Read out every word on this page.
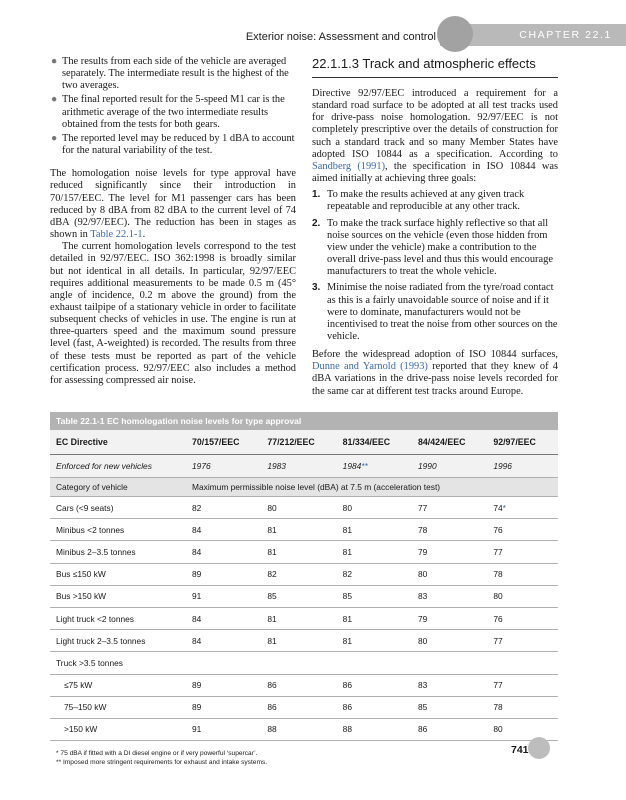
Exterior noise: Assessment and control	CHAPTER 22.1
● The results from each side of the vehicle are averaged separately. The intermediate result is the highest of the two averages.
● The final reported result for the 5-speed M1 car is the arithmetic average of the two intermediate results obtained from the tests for both gears.
● The reported level may be reduced by 1 dBA to account for the natural variability of the test.

The homologation noise levels for type approval have reduced significantly since their introduction in 70/157/EEC. The level for M1 passenger cars has been reduced by 8 dBA from 82 dBA to the current level of 74 dBA (92/97/EEC). The reduction has been in stages as shown in Table 22.1-1.

The current homologation levels correspond to the test detailed in 92/97/EEC. ISO 362:1998 is broadly similar but not identical in all details. In particular, 92/97/EEC requires additional measurements to be made 0.5 m (45° angle of incidence, 0.2 m above the ground) from the exhaust tailpipe of a stationary vehicle in order to facilitate subsequent checks of vehicles in use. The engine is run at three-quarters speed and the maximum sound pressure level (fast, A-weighted) is recorded. The results from three of these tests must be reported as part of the vehicle certification process. 92/97/EEC also includes a method for assessing compressed air noise.

22.1.1.3 Track and atmospheric effects

Directive 92/97/EEC introduced a requirement for a standard road surface to be adopted at all test tracks used for drive-pass noise homologation. 92/97/EEC is not completely prescriptive over the details of construction for such a standard track and so many Member States have adopted ISO 10844 as a specification. According to Sandberg (1991), the specification in ISO 10844 was aimed initially at achieving three goals:

1. To make the results achieved at any given track repeatable and reproducible at any other track.
2. To make the track surface highly reflective so that all noise sources on the vehicle (even those hidden from view under the vehicle) make a contribution to the overall drive-pass level and thus this would encourage manufacturers to treat the whole vehicle.
3. Minimise the noise radiated from the tyre/road contact as this is a fairly unavoidable source of noise and if it were to dominate, manufacturers would not be incentivised to treat the noise from other sources on the vehicle.

Before the widespread adoption of ISO 10844 surfaces, Dunne and Yarnold (1993) reported that they knew of 4 dBA variations in the drive-pass noise levels recorded for the same car at different test tracks around Europe.

Table 22.1-1 EC homologation noise levels for type approval
EC Directive	70/157/EEC	77/212/EEC	81/334/EEC	84/424/EEC	92/97/EEC
Enforced for new vehicles	1976	1983	1984**	1990	1996
Category of vehicle	Maximum permissible noise level (dBA) at 7.5 m (acceleration test)				
Cars (<9 seats)	82	80	80	77	74*
Minibus <2 tonnes	84	81	81	78	76
Minibus 2–3.5 tonnes	84	81	81	79	77
Bus ≤150 kW	89	82	82	80	78
Bus >150 kW	91	85	85	83	80
Light truck <2 tonnes	84	81	81	79	76
Light truck 2–3.5 tonnes	84	81	81	80	77
Truck >3.5 tonnes					
≤75 kW	89	86	86	83	77
75–150 kW	89	86	86	85	78
>150 kW	91	88	88	86	80
* 75 dBA if fitted with a DI diesel engine or if very powerful ‘supercar’.
** Imposed more stringent requirements for exhaust and intake systems.
741
